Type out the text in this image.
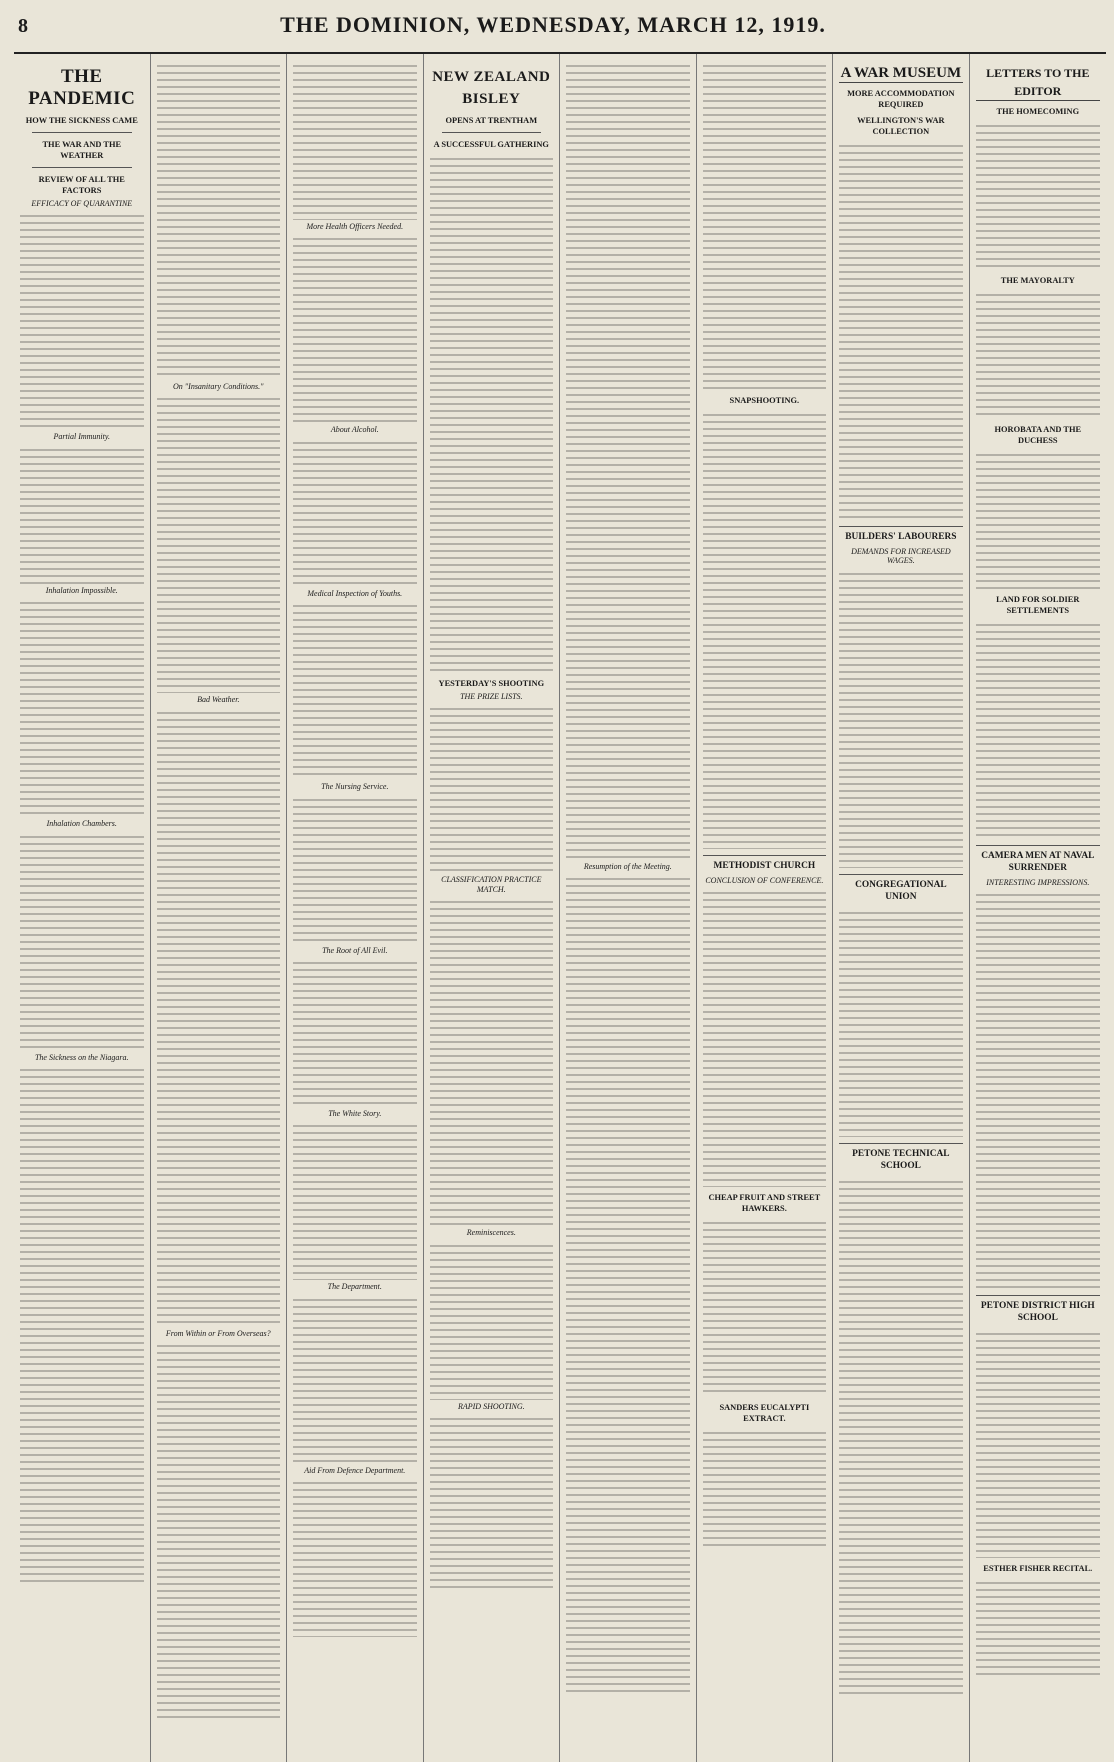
8	THE DOMINION, WEDNESDAY, MARCH 12, 1919.
THE PANDEMIC
HOW THE SICKNESS CAME
THE WAR AND THE WEATHER
REVIEW OF ALL THE FACTORS
EFFICACY OF QUARANTINE
Partial Immunity.
Inhalation Impossible.
Inhalation Chambers.
The Sickness on the Niagara.
On "Insanitary Conditions."
Bad Weather.
From Within or From Overseas?
More Health Officers Needed.
About Alcohol.
Medical Inspection of Youths.
The Nursing Service.
The Root of All Evil.
The White Story.
The Department.
Aid From Defence Department.
NEW ZEALAND BISLEY
OPENS AT TRENTHAM
A SUCCESSFUL GATHERING
YESTERDAY'S SHOOTING
THE PRIZE LISTS.
CLASSIFICATION PRACTICE MATCH.
Reminiscences.
RAPID SHOOTING.
Resumption of the Meeting.
SNAPSHOOTING.
METHODIST CHURCH
CONCLUSION OF CONFERENCE.
CHEAP FRUIT AND STREET HAWKERS.
SANDERS EUCALYPTI EXTRACT.
A WAR MUSEUM
MORE ACCOMMODATION REQUIRED
WELLINGTON'S WAR COLLECTION
BUILDERS' LABOURERS
DEMANDS FOR INCREASED WAGES.
CONGREGATIONAL UNION
PETONE TECHNICAL SCHOOL
LETTERS TO THE EDITOR
THE HOMECOMING
THE MAYORALTY
HOROBATA AND THE DUCHESS
LAND FOR SOLDIER SETTLEMENTS
CAMERA MEN AT NAVAL SURRENDER
INTERESTING IMPRESSIONS.
PETONE DISTRICT HIGH SCHOOL
ESTHER FISHER RECITAL.
